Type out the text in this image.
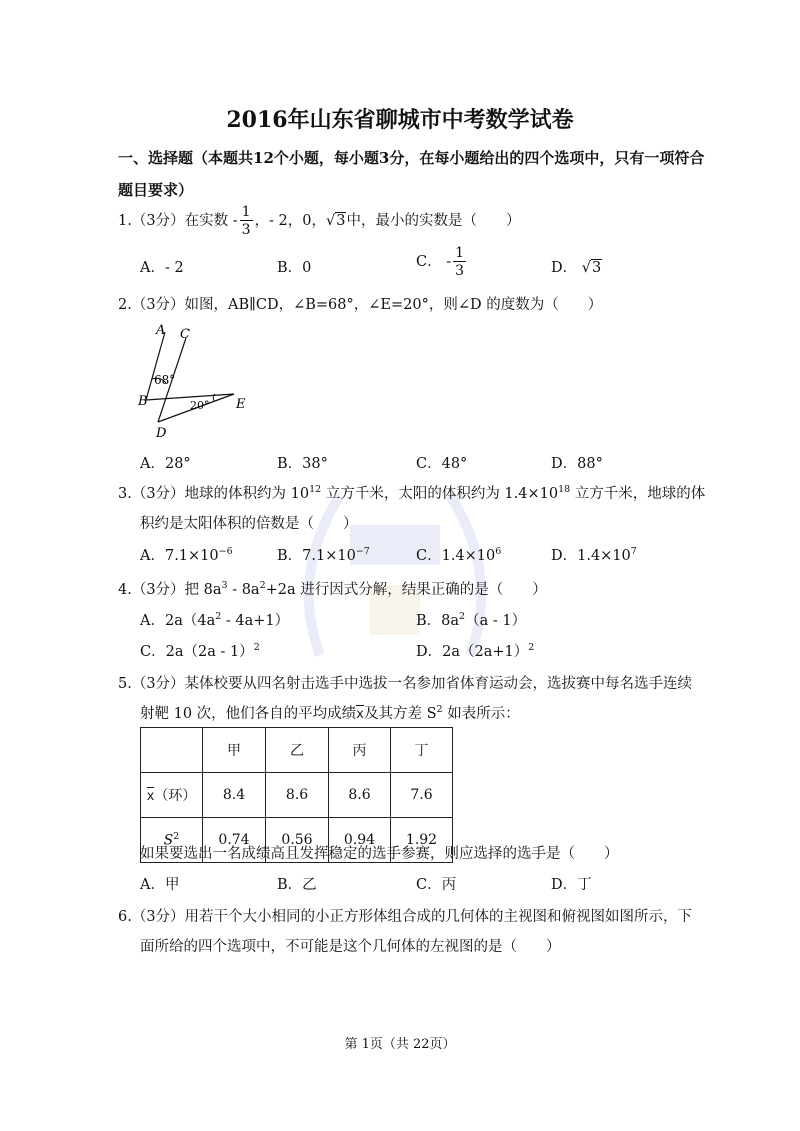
2016年山东省聊城市中考数学试卷
一、选择题（本题共12个小题，每小题3分，在每小题给出的四个选项中，只有一项符合
题目要求）
1.（3分）在实数 - $\frac{1}{3}$ ，- 2，0，√3中，最小的实数是（　　）
A．- 2	B．0	C． - $\frac{1}{3}$	D． √3
2.（3分）如图，AB∥CD，∠B=68°，∠E=20°，则∠D 的度数为（　　）
A C
B	E
D
68°
20°
A．28°	B．38°	C．48°	D．88°
3.（3分）地球的体积约为 $10^{12}$ 立方千米，太阳的体积约为 $1.4\times 10^{18}$ 立方千米，地球的体
积约是太阳体积的倍数是（　　）
A．$7.1\times 10^{-6}$	B．$7.1\times 10^{-7}$	C．$1.4\times 10^6$	D．$1.4\times 10^7$
4.（3分）把 $8a^3 - 8a^2+2a$ 进行因式分解，结果正确的是（　　）
A．$2a(4a^2 - 4a+1)$	B．$8a^2(a - 1)$
C．2a（2a - 1）$^2$	D．$2a(2a+1)^2$
5.（3分）某体校要从四名射击选手中选拔一名参加省体育运动会，选拔赛中每名选手连续
射靶 10 次，他们各自的平均成绩x及其方差 $S^2$ 如表所示：
	甲	乙	丙	丁
x（环）	8.4	8.6	8.6	7.6
$S^2$	0.74	0.56	0.94	1.92
如果要选出一名成绩高且发挥稳定的选手参赛，则应选择的选手是（　　）
A．甲	B．乙	C．丙	D．丁
6.（3分）用若干个大小相同的小正方形体组合成的几何体的主视图和俯视图如图所示，下
面所给的四个选项中，不可能是这个几何体的左视图的是（　　）
第 1页（共 22页）
